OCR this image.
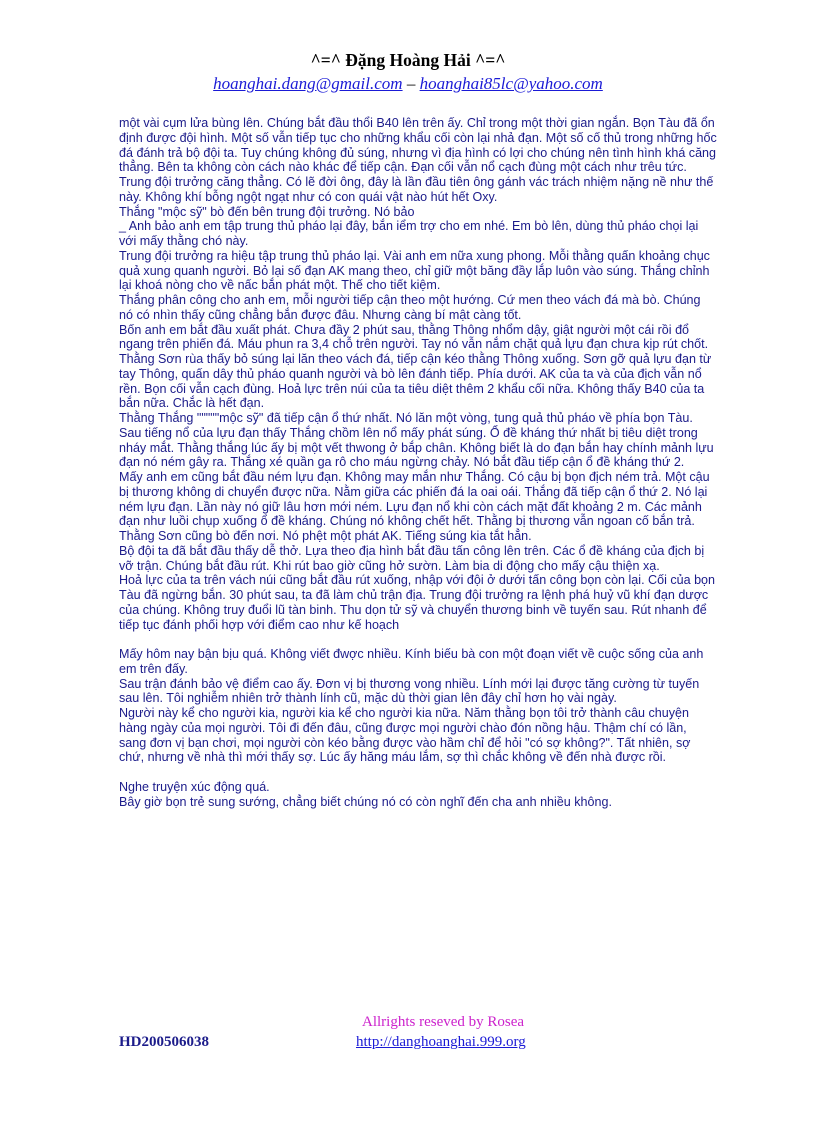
^=^ Đặng Hoàng Hải ^=^
hoanghai.dang@gmail.com – hoanghai85lc@yahoo.com

một vài cụm lửa bùng lên. Chúng bắt đầu thổi B40 lên trên ấy. Chỉ trong một thời gian ngắn. Bọn Tàu đã ổn định được đội hình. Một số vẫn tiếp tục cho những khẩu cối còn lại nhả đạn. Một số cố thủ trong những hốc đá đánh trả bộ đội ta. Tuy chúng không đủ súng, nhưng vì địa hình có lợi cho chúng nên tình hình khá căng thẳng. Bên ta không còn cách nào khác để tiếp cận. Đạn cối vẫn nổ cạch đùng một cách như trêu tức. Trung đội trưởng căng thẳng. Có lẽ đời ông, đây là lần đầu tiên ông gánh vác trách nhiệm nặng nề như thế này. Không khí bỗng ngột ngạt như có con quái vật nào hút hết Oxy.

Thắng "mộc sỹ" bò đến bên trung đội trưởng. Nó bảo

_ Anh bảo anh em tập trung thủ pháo lại đây, bắn iểm trợ cho em nhé. Em bò lên, dùng thủ pháo chọi lại với mấy thằng chó này.

Trung đội trưởng ra hiệu tập trung thủ pháo lại. Vài anh em nữa xung phong. Mỗi thằng quấn khoảng chục quả xung quanh người. Bỏ lại số đạn AK mang theo, chỉ giữ một băng đầy lắp luôn vào súng. Thắng chỉnh lại khoá nòng cho về nấc bắn phát một. Thế cho tiết kiệm.

Thắng phân công cho anh em, mỗi người tiếp cận theo một hướng. Cứ men theo vách đá mà bò. Chúng nó có nhìn thấy cũng chẳng bắn được đâu. Nhưng càng bí mật càng tốt.

Bốn anh em bắt đầu xuất phát. Chưa đầy 2 phút sau, thằng Thông nhổm dậy, giật người một cái rồi đổ ngang trên phiến đá. Máu phun ra 3,4 chỗ trên người. Tay nó vẫn nắm chặt quả lựu đạn chưa kịp rút chốt. Thằng Sơn rùa thấy bỏ súng lại lăn theo vách đá, tiếp cận kéo thằng Thông xuống. Sơn gỡ quả lựu đạn từ tay Thông, quấn dây thủ pháo quanh người và bò lên đánh tiếp. Phía dưới. AK của ta và của địch vẫn nổ rền. Bọn cối vẫn cạch đùng. Hoả lực trên núi của ta tiêu diệt thêm 2 khẩu cối nữa. Không thấy B40 của ta bắn nữa. Chắc là hết đạn.

Thằng Thắng """""mộc sỹ" đã tiếp cận ổ thứ nhất. Nó lăn một vòng, tung quả thủ pháo về phía bọn Tàu. Sau tiếng nổ của lựu đạn thấy Thắng chồm lên nổ mấy phát súng. Ổ đề kháng thứ nhất bị tiêu diệt trong nháy mắt. Thằng thắng lúc ấy bị một vết thwong ở bắp chân. Không biết là do đạn bắn hay chính mảnh lựu đạn nó ném gây ra. Thắng xé quần ga rô cho máu ngừng chảy. Nó bắt đầu tiếp cận ổ đề kháng thứ 2.

Mấy anh em cũng bắt đầu ném lựu đạn. Không may mắn như Thắng. Có cậu bị bọn địch ném trả. Một cậu bị thương không di chuyển được nữa. Nằm giữa các phiến đá la oai oái. Thắng đã tiếp cận ổ thứ 2. Nó lại ném lựu đạn. Lần này nó giữ lâu hơn mới ném. Lựu đạn nổ khi còn cách mặt đất khoảng 2 m. Các mảnh đạn như luồi chụp xuống ổ đề kháng. Chúng nó không chết hết. Thằng bị thương vẫn ngoan cố bắn trả. Thằng Sơn cũng bò đến nơi. Nó phệt một phát AK. Tiếng súng kia tắt hẳn.

Bộ đội ta đã bắt đầu thấy dễ thở. Lựa theo địa hình bắt đầu tấn công lên trên. Các ổ đề kháng của địch bị vỡ trận. Chúng bắt đầu rút. Khi rút bao giờ cũng hở sườn. Làm bia di động cho mấy cậu thiện xạ.

Hoả lực của ta trên vách núi cũng bắt đầu rút xuống, nhập với đội ở dưới tấn công bọn còn lại. Cối của bọn Tàu đã ngừng bắn. 30 phút sau, ta đã làm chủ trận địa. Trung đội trưởng ra lệnh phá huỷ vũ khí đạn dược của chúng. Không truy đuổi lũ tàn binh. Thu dọn tử sỹ và chuyển thương binh về tuyến sau. Rút nhanh để tiếp tục đánh phối hợp với điểm cao như kế hoạch

Mấy hôm nay bận bịu quá. Không viết đwợc nhiều. Kính biếu bà con một đoạn viết về cuộc sống của anh em trên đấy.

Sau trận đánh bảo vệ điểm cao ấy. Đơn vị bị thương vong nhiều. Lính mới lại được tăng cường từ tuyến sau lên. Tôi nghiễm nhiên trở thành lính cũ, mặc dù thời gian lên đây chỉ hơn họ vài ngày.

Người này kể cho người kia, người kia kể cho người kia nữa. Năm thằng bọn tôi trở thành câu chuyện hàng ngày của mọi người. Tôi đi đến đâu, cũng được mọi người chào đón nồng hậu. Thậm chí có lần, sang đơn vị bạn chơi, mọi người còn kéo bằng được vào hầm chỉ để hỏi "có sợ không?". Tất nhiên, sợ chứ, nhưng về nhà thì mới thấy sợ. Lúc ấy hăng máu lắm, sợ thì chắc không về đến nhà được rồi.

Nghe truyện xúc động quá.

Bây giờ bọn trẻ sung sướng, chẳng biết chúng nó có còn nghĩ đến cha anh nhiều không.

HD200506038
Allrights reseved by Rosea
http://danghoanghai.999.org
